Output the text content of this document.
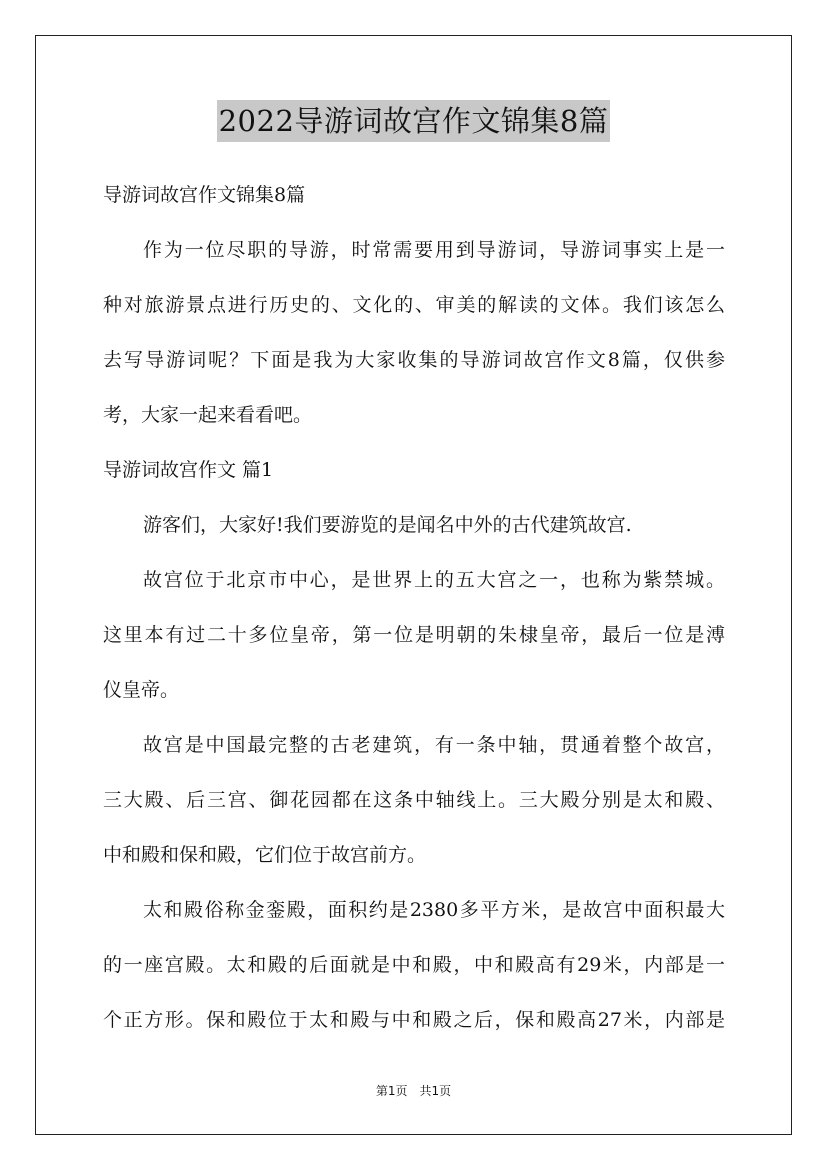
2022导游词故宫作文锦集8篇
导游词故宫作文锦集8篇
作为一位尽职的导游，时常需要用到导游词，导游词事实上是一
种对旅游景点进行历史的、文化的、审美的解读的文体。我们该怎么
去写导游词呢？下面是我为大家收集的导游词故宫作文8篇，仅供参
考，大家一起来看看吧。
导游词故宫作文 篇1
游客们，大家好!我们要游览的是闻名中外的古代建筑故宫.
故宫位于北京市中心，是世界上的五大宫之一，也称为紫禁城。
这里本有过二十多位皇帝，第一位是明朝的朱棣皇帝，最后一位是溥
仪皇帝。
故宫是中国最完整的古老建筑，有一条中轴，贯通着整个故宫，
三大殿、后三宫、御花园都在这条中轴线上。三大殿分别是太和殿、
中和殿和保和殿，它们位于故宫前方。
太和殿俗称金銮殿，面积约是2380多平方米，是故宫中面积最大
的一座宫殿。太和殿的后面就是中和殿，中和殿高有29米，内部是一
个正方形。保和殿位于太和殿与中和殿之后，保和殿高27米，内部是
第1页 共1页
